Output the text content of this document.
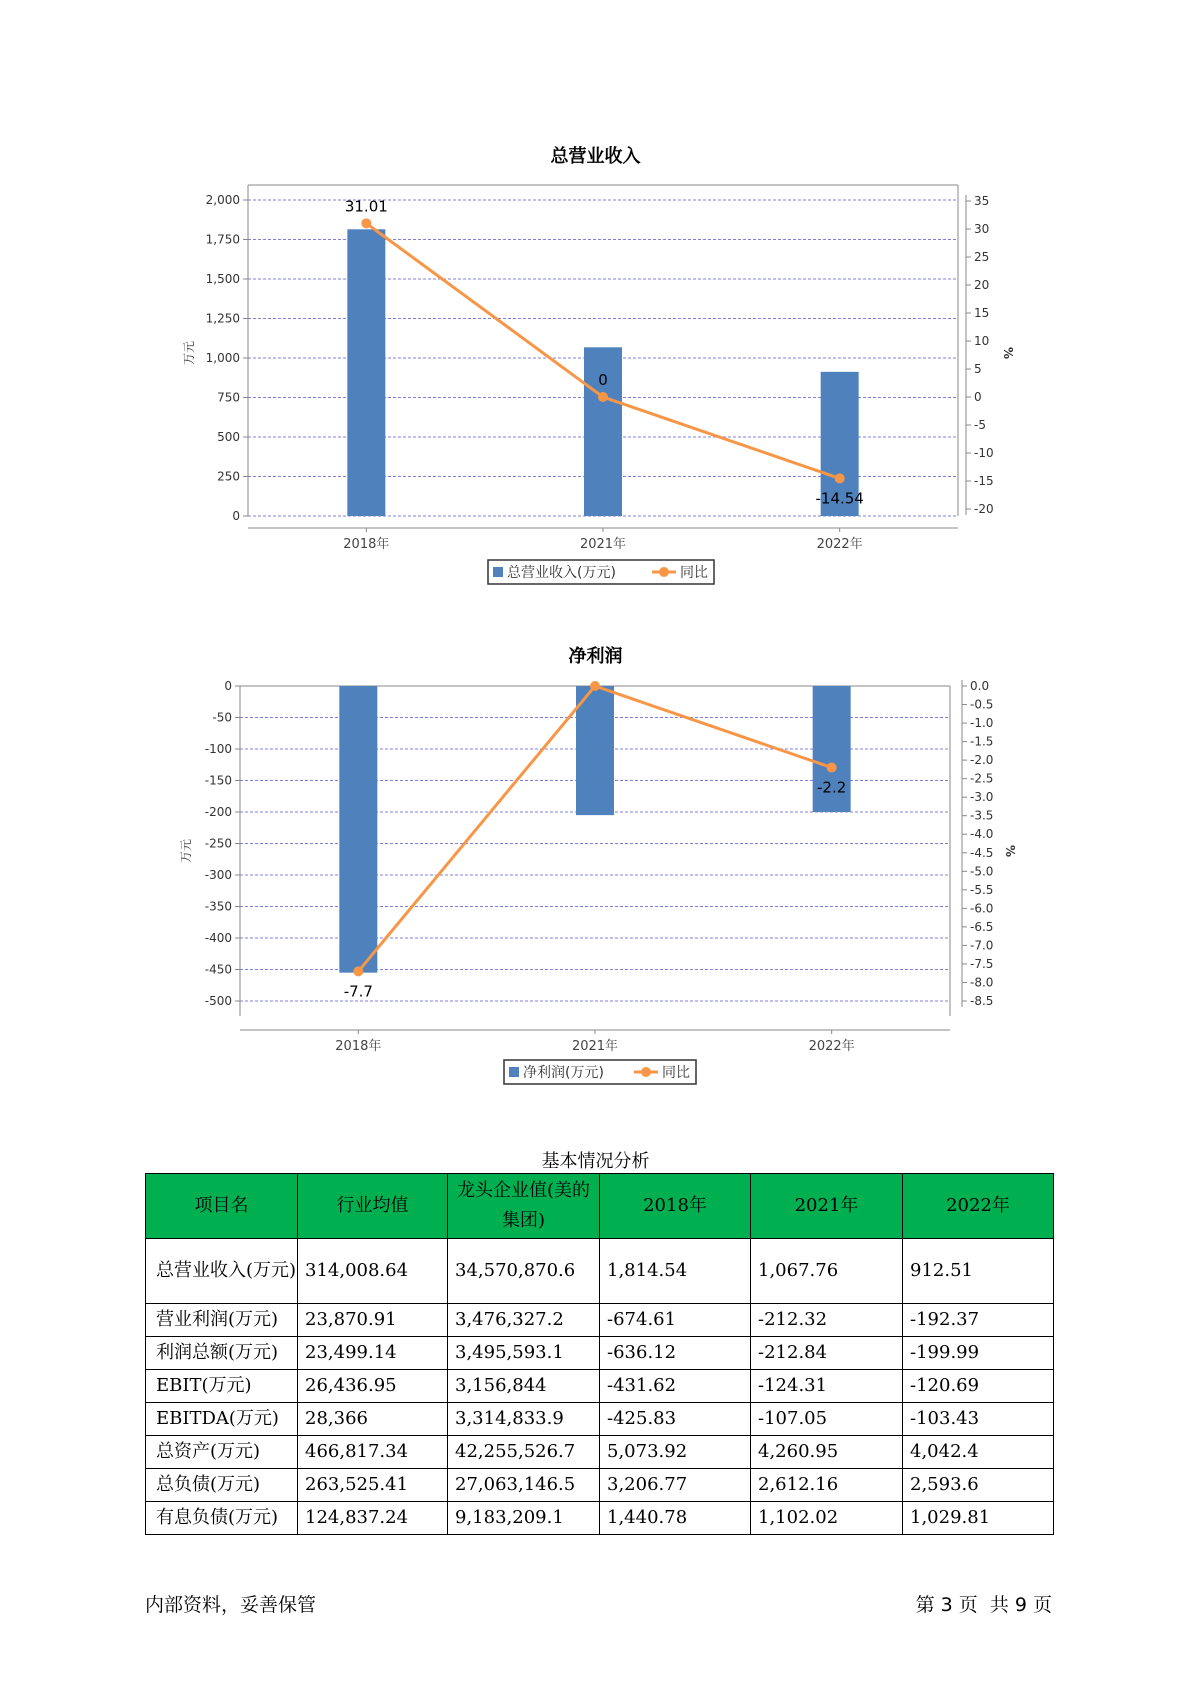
总营业收入
0
250
500
750
1,000
1,250
1,500
1,750
2,000
-20
-15
-10
-5
0
5
10
15
20
25
30
35
万元	%
2018年	2021年	2022年
31.01
0
-14.54
总营业收入(万元)	同比
净利润
-500
-450
-400
-350
-300
-250
-200
-150
-100
-50
0
-8.5
-8.0
-7.5
-7.0
-6.5
-6.0
-5.5
-5.0
-4.5
-4.0
-3.5
-3.0
-2.5
-2.0
-1.5
-1.0
-0.5
0.0
万元	%
2018年	2021年	2022年
-7.7
-2.2
净利润(万元)	同比
基本情况分析
项目名	行业均值	龙头企业值(美的集团)	2018年	2021年	2022年
总营业收入(万元)	314,008.64	34,570,870.6	1,814.54	1,067.76	912.51
营业利润(万元)	23,870.91	3,476,327.2	-674.61	-212.32	-192.37
利润总额(万元)	23,499.14	3,495,593.1	-636.12	-212.84	-199.99
EBIT(万元)	26,436.95	3,156,844	-431.62	-124.31	-120.69
EBITDA(万元)	28,366	3,314,833.9	-425.83	-107.05	-103.43
总资产(万元)	466,817.34	42,255,526.7	5,073.92	4,260.95	4,042.4
总负债(万元)	263,525.41	27,063,146.5	3,206.77	2,612.16	2,593.6
有息负债(万元)	124,837.24	9,183,209.1	1,440.78	1,102.02	1,029.81
内部资料，妥善保管	第 3 页  共 9 页
